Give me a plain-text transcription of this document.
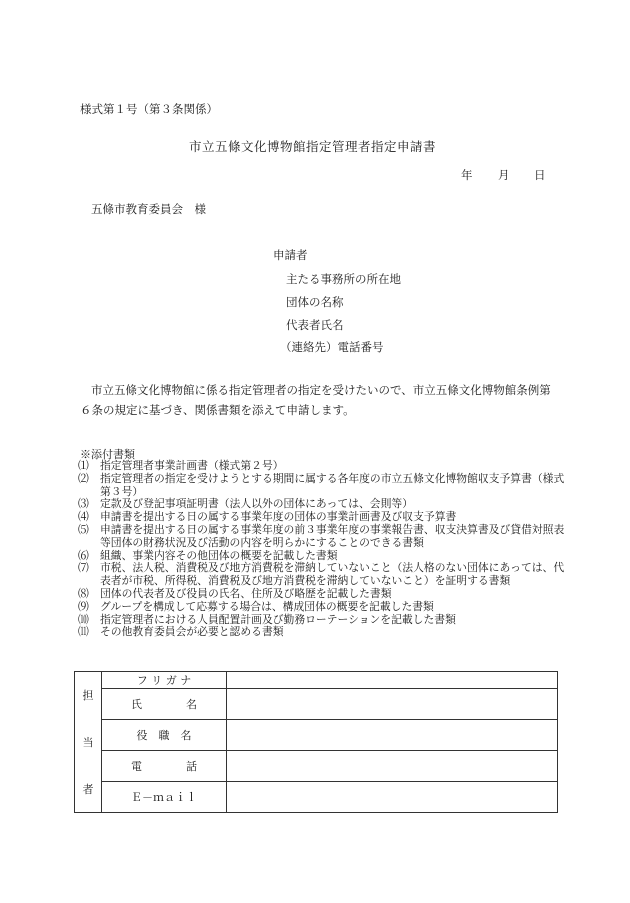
様式第１号（第３条関係）
市立五條文化博物館指定管理者指定申請書
年 月 日
五條市教育委員会　様
申請者
主たる事務所の所在地
団体の名称
代表者氏名
（連絡先）電話番号
市立五條文化博物館に係る指定管理者の指定を受けたいので、市立五條文化博物館条例第６条の規定に基づき、関係書類を添えて申請します。
※添付書類
⑴	指定管理者事業計画書（様式第２号）
⑵	指定管理者の指定を受けようとする期間に属する各年度の市立五條文化博物館収支予算書（様式第３号）
⑶	定款及び登記事項証明書（法人以外の団体にあっては、会則等）
⑷	申請書を提出する日の属する事業年度の団体の事業計画書及び収支予算書
⑸	申請書を提出する日の属する事業年度の前３事業年度の事業報告書、収支決算書及び貸借対照表等団体の財務状況及び活動の内容を明らかにすることのできる書類
⑹	組織、事業内容その他団体の概要を記載した書類
⑺	市税、法人税、消費税及び地方消費税を滞納していないこと（法人格のない団体にあっては、代表者が市税、所得税、消費税及び地方消費税を滞納していないこと）を証明する書類
⑻	団体の代表者及び役員の氏名、住所及び略歴を記載した書類
⑼	グループを構成して応募する場合は、構成団体の概要を記載した書類
⑽	指定管理者における人員配置計画及び勤務ローテーションを記載した書類
⑾	その他教育委員会が必要と認める書類
担
当
者	フ リ ガ ナ	
	氏　　　　名	
	役　職　名	
	電　　　　話	
	Ｅ－ｍａｉｌ	
